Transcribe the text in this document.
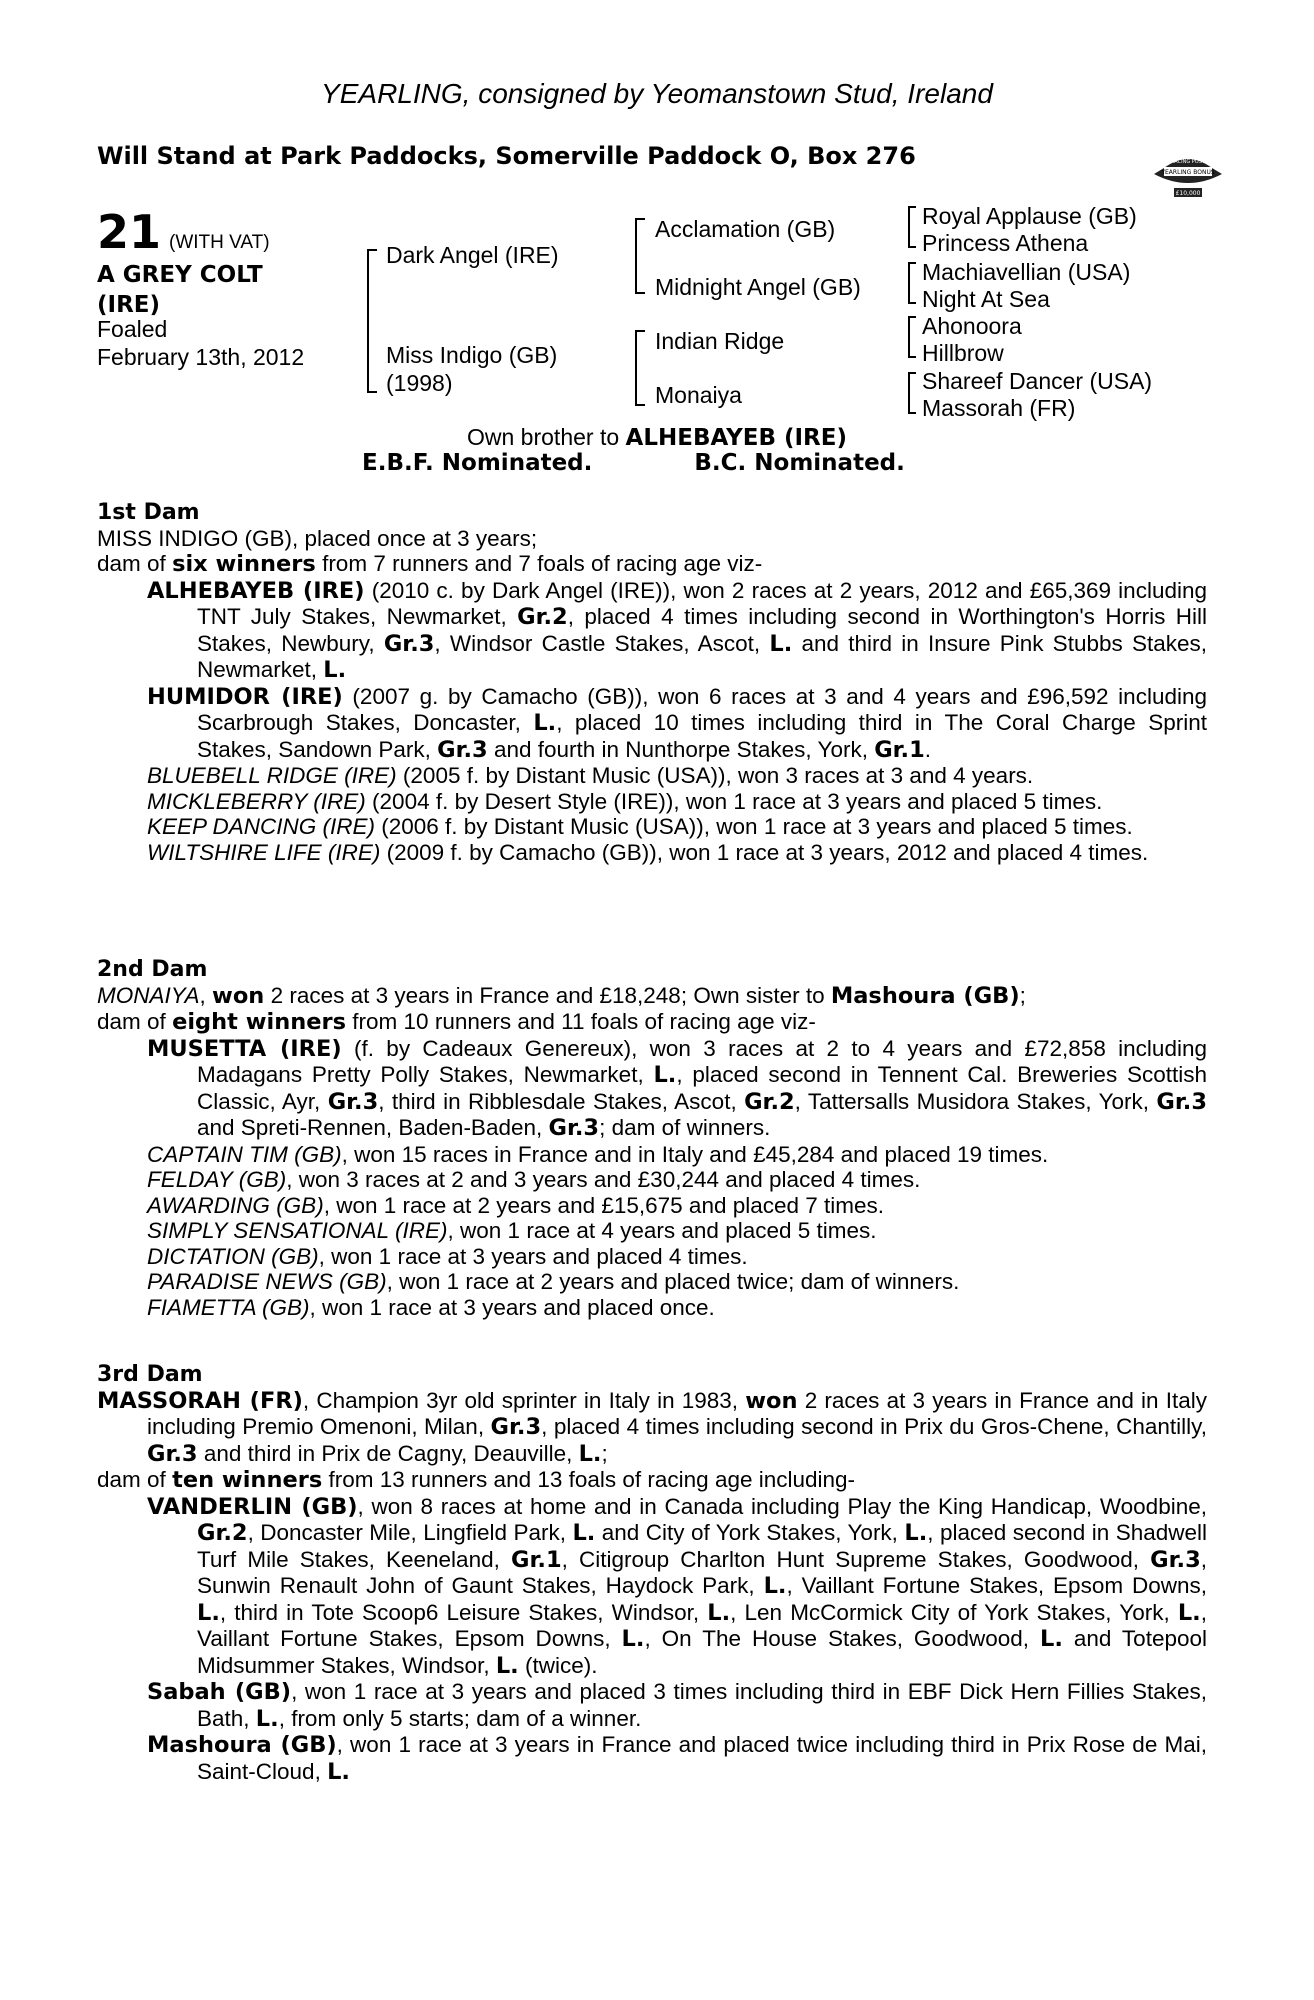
YEARLING, consigned by Yeomanstown Stud, Ireland
Will Stand at Park Paddocks, Somerville Paddock O, Box 276	RACING POST
YEARLING BONUS
£10,000
21 (WITH VAT)
A GREY COLT
(IRE)
Foaled
February 13th, 2012
Dark Angel (IRE)
Miss Indigo (GB)
(1998)
Acclamation (GB)
Midnight Angel (GB)
Indian Ridge
Monaiya
Royal Applause (GB)
Princess Athena
Machiavellian (USA)
Night At Sea
Ahonoora
Hillbrow
Shareef Dancer (USA)
Massorah (FR)
Own brother to ALHEBAYEB (IRE)
E.B.F. Nominated.	B.C. Nominated.

1st Dam

MISS INDIGO (GB), placed once at 3 years;

dam of six winners from 7 runners and 7 foals of racing age viz-

ALHEBAYEB (IRE) (2010 c. by Dark Angel (IRE)), won 2 races at 2 years, 2012 and £65,369 including TNT July Stakes, Newmarket, Gr.2, placed 4 times including second in Worthington's Horris Hill Stakes, Newbury, Gr.3, Windsor Castle Stakes, Ascot, L. and third in Insure Pink Stubbs Stakes, Newmarket, L.

HUMIDOR (IRE) (2007 g. by Camacho (GB)), won 6 races at 3 and 4 years and £96,592 including Scarbrough Stakes, Doncaster, L., placed 10 times including third in The Coral Charge Sprint Stakes, Sandown Park, Gr.3 and fourth in Nunthorpe Stakes, York, Gr.1.

BLUEBELL RIDGE (IRE) (2005 f. by Distant Music (USA)), won 3 races at 3 and 4 years.

MICKLEBERRY (IRE) (2004 f. by Desert Style (IRE)), won 1 race at 3 years and placed 5 times.

KEEP DANCING (IRE) (2006 f. by Distant Music (USA)), won 1 race at 3 years and placed 5 times.

WILTSHIRE LIFE (IRE) (2009 f. by Camacho (GB)), won 1 race at 3 years, 2012 and placed 4 times.

2nd Dam

MONAIYA, won 2 races at 3 years in France and £18,248; Own sister to Mashoura (GB);

dam of eight winners from 10 runners and 11 foals of racing age viz-

MUSETTA (IRE) (f. by Cadeaux Genereux), won 3 races at 2 to 4 years and £72,858 including Madagans Pretty Polly Stakes, Newmarket, L., placed second in Tennent Cal. Breweries Scottish Classic, Ayr, Gr.3, third in Ribblesdale Stakes, Ascot, Gr.2, Tattersalls Musidora Stakes, York, Gr.3 and Spreti-Rennen, Baden-Baden, Gr.3; dam of winners.

CAPTAIN TIM (GB), won 15 races in France and in Italy and £45,284 and placed 19 times.

FELDAY (GB), won 3 races at 2 and 3 years and £30,244 and placed 4 times.

AWARDING (GB), won 1 race at 2 years and £15,675 and placed 7 times.

SIMPLY SENSATIONAL (IRE), won 1 race at 4 years and placed 5 times.

DICTATION (GB), won 1 race at 3 years and placed 4 times.

PARADISE NEWS (GB), won 1 race at 2 years and placed twice; dam of winners.

FIAMETTA (GB), won 1 race at 3 years and placed once.

3rd Dam

MASSORAH (FR), Champion 3yr old sprinter in Italy in 1983, won 2 races at 3 years in France and in Italy including Premio Omenoni, Milan, Gr.3, placed 4 times including second in Prix du Gros-Chene, Chantilly, Gr.3 and third in Prix de Cagny, Deauville, L.;

dam of ten winners from 13 runners and 13 foals of racing age including-

VANDERLIN (GB), won 8 races at home and in Canada including Play the King Handicap, Woodbine, Gr.2, Doncaster Mile, Lingfield Park, L. and City of York Stakes, York, L., placed second in Shadwell Turf Mile Stakes, Keeneland, Gr.1, Citigroup Charlton Hunt Supreme Stakes, Goodwood, Gr.3, Sunwin Renault John of Gaunt Stakes, Haydock Park, L., Vaillant Fortune Stakes, Epsom Downs, L., third in Tote Scoop6 Leisure Stakes, Windsor, L., Len McCormick City of York Stakes, York, L., Vaillant Fortune Stakes, Epsom Downs, L., On The House Stakes, Goodwood, L. and Totepool Midsummer Stakes, Windsor, L. (twice).

Sabah (GB), won 1 race at 3 years and placed 3 times including third in EBF Dick Hern Fillies Stakes, Bath, L., from only 5 starts; dam of a winner.

Mashoura (GB), won 1 race at 3 years in France and placed twice including third in Prix Rose de Mai, Saint-Cloud, L.
